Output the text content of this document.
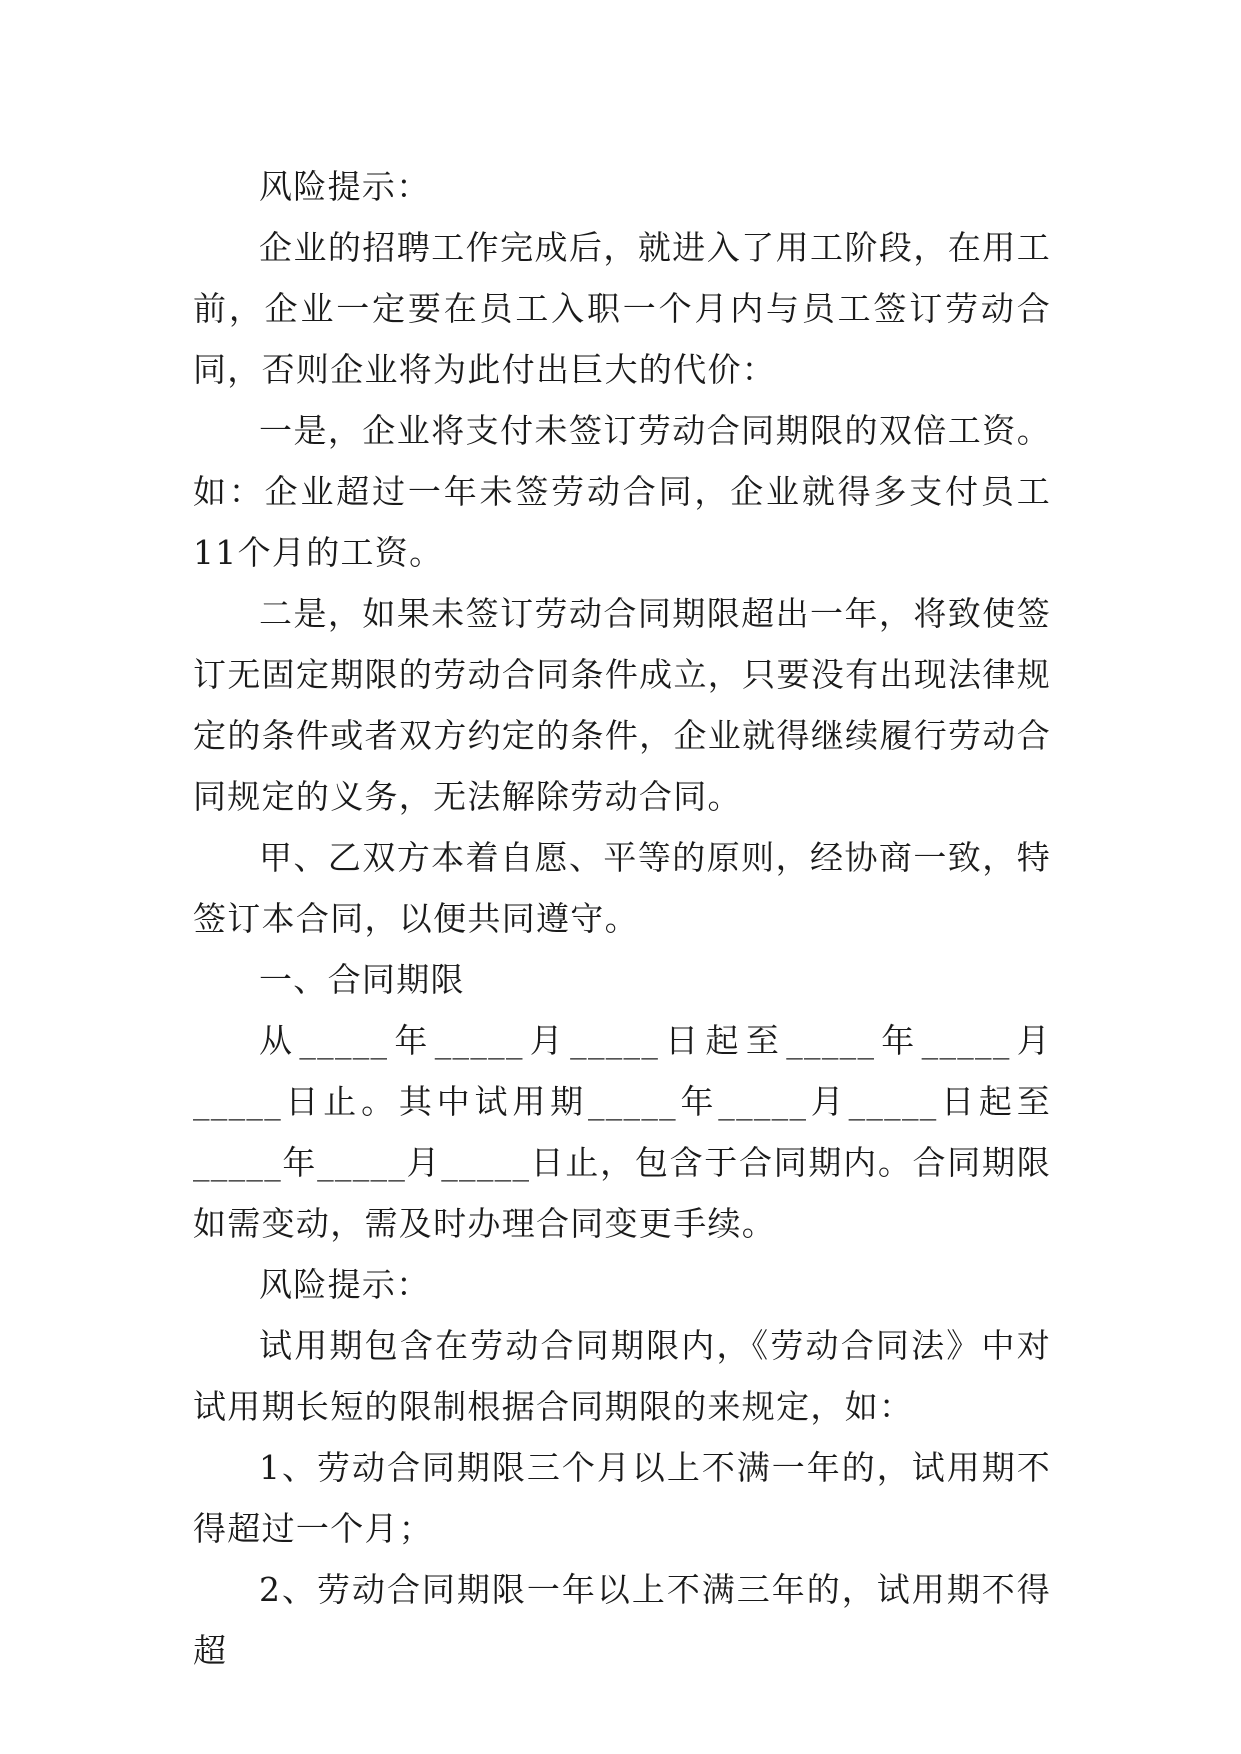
风险提示：

企业的招聘工作完成后，就进入了用工阶段，在用工前，企业一定要在员工入职一个月内与员工签订劳动合同，否则企业将为此付出巨大的代价：

一是，企业将支付未签订劳动合同期限的双倍工资。如：企业超过一年未签劳动合同，企业就得多支付员工11个月的工资。

二是，如果未签订劳动合同期限超出一年，将致使签订无固定期限的劳动合同条件成立，只要没有出现法律规定的条件或者双方约定的条件，企业就得继续履行劳动合同规定的义务，无法解除劳动合同。

甲、乙双方本着自愿、平等的原则，经协商一致，特签订本合同，以便共同遵守。

一、合同期限

从_____年_____月_____日起至_____年_____月_____日止。其中试用期_____年_____月_____日起至_____年_____月_____日止，包含于合同期内。合同期限如需变动，需及时办理合同变更手续。

风险提示：

试用期包含在劳动合同期限内，《劳动合同法》中对试用期长短的限制根据合同期限的来规定，如：

1、劳动合同期限三个月以上不满一年的，试用期不得超过一个月；

2、劳动合同期限一年以上不满三年的，试用期不得超
